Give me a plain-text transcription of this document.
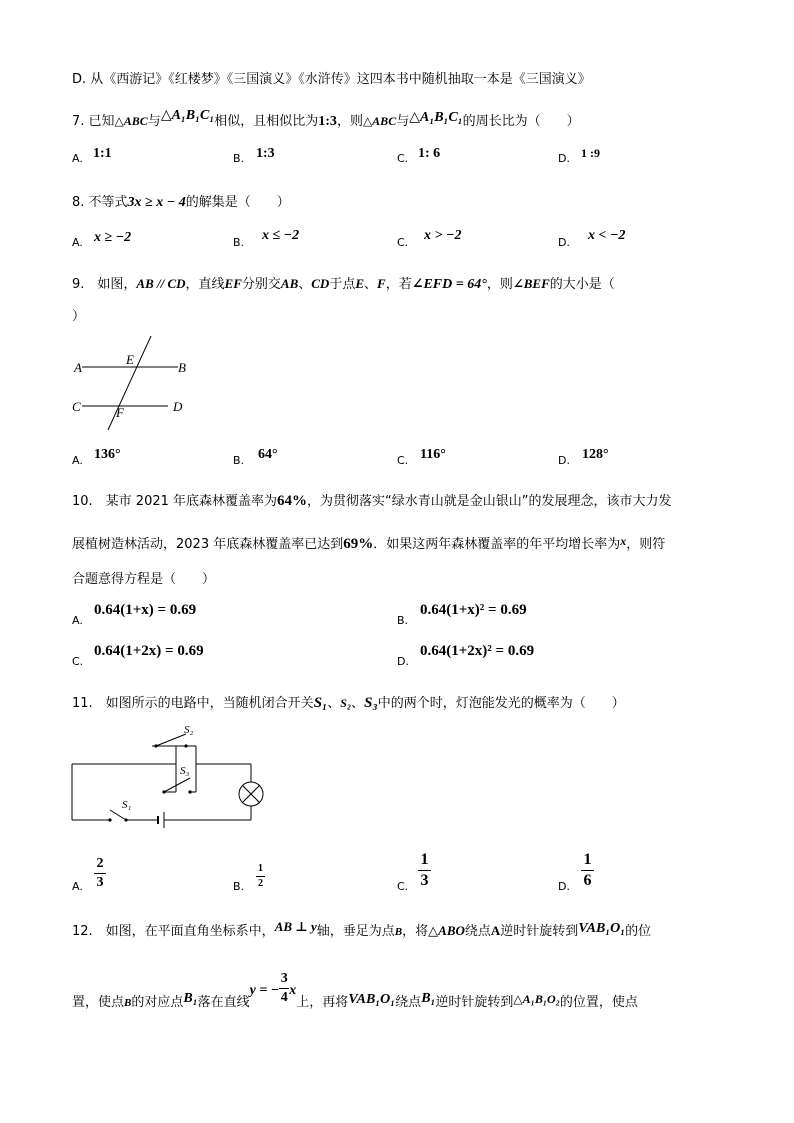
D. 从《西游记》《红楼梦》《三国演义》《水浒传》这四本书中随机抽取一本是《三国演义》
7. 已知△ABC与△A₁B₁C₁相似，且相似比为1:3，则△ABC与△A₁B₁C₁的周长比为（　　）
A. 1:1	B. 1:3	C. 1: 6	D. 1 :9
8. 不等式3x ≥ x − 4的解集是（　　）
A. x ≥ −2	B. x ≤ −2	C. x > −2	D. x < −2
9.　如图，AB // CD，直线EF分别交AB、CD于点E、F，若∠EFD = 64°，则∠BEF的大小是（
）
A	B
C	D
E
F
A. 136°	B. 64°	C. 116°	D. 128°
10.　某市 2021 年底森林覆盖率为64%，为贯彻落实“绿水青山就是金山银山”的发展理念，该市大力发
展植树造林活动，2023 年底森林覆盖率已达到69%．如果这两年森林覆盖率的年平均增长率为x，则符
合题意得方程是（　　）
A.
0.64(1+x) = 0.69
B.
0.64(1+x)² = 0.69
C.
0.64(1+2x) = 0.69
D.
0.64(1+2x)² = 0.69
11.　如图所示的电路中，当随机闭合开关S₁、S₂、S₃中的两个时，灯泡能发光的概率为（　　）
S₂
S₃
S₁
A.
2
3	B.
1
2	C.
1
3	D.
1
6
12.　如图，在平面直角坐标系中，AB ⊥ y轴，垂足为点B，将△ABO绕点A逆时针旋转到VAB₁O₁的位
置，使点B的对应点B₁落在直线y = − $\frac{3}{4}$ x上，再将VAB₁O₁绕点B₁逆时针旋转到△A₁B₁O₂的位置，使点
